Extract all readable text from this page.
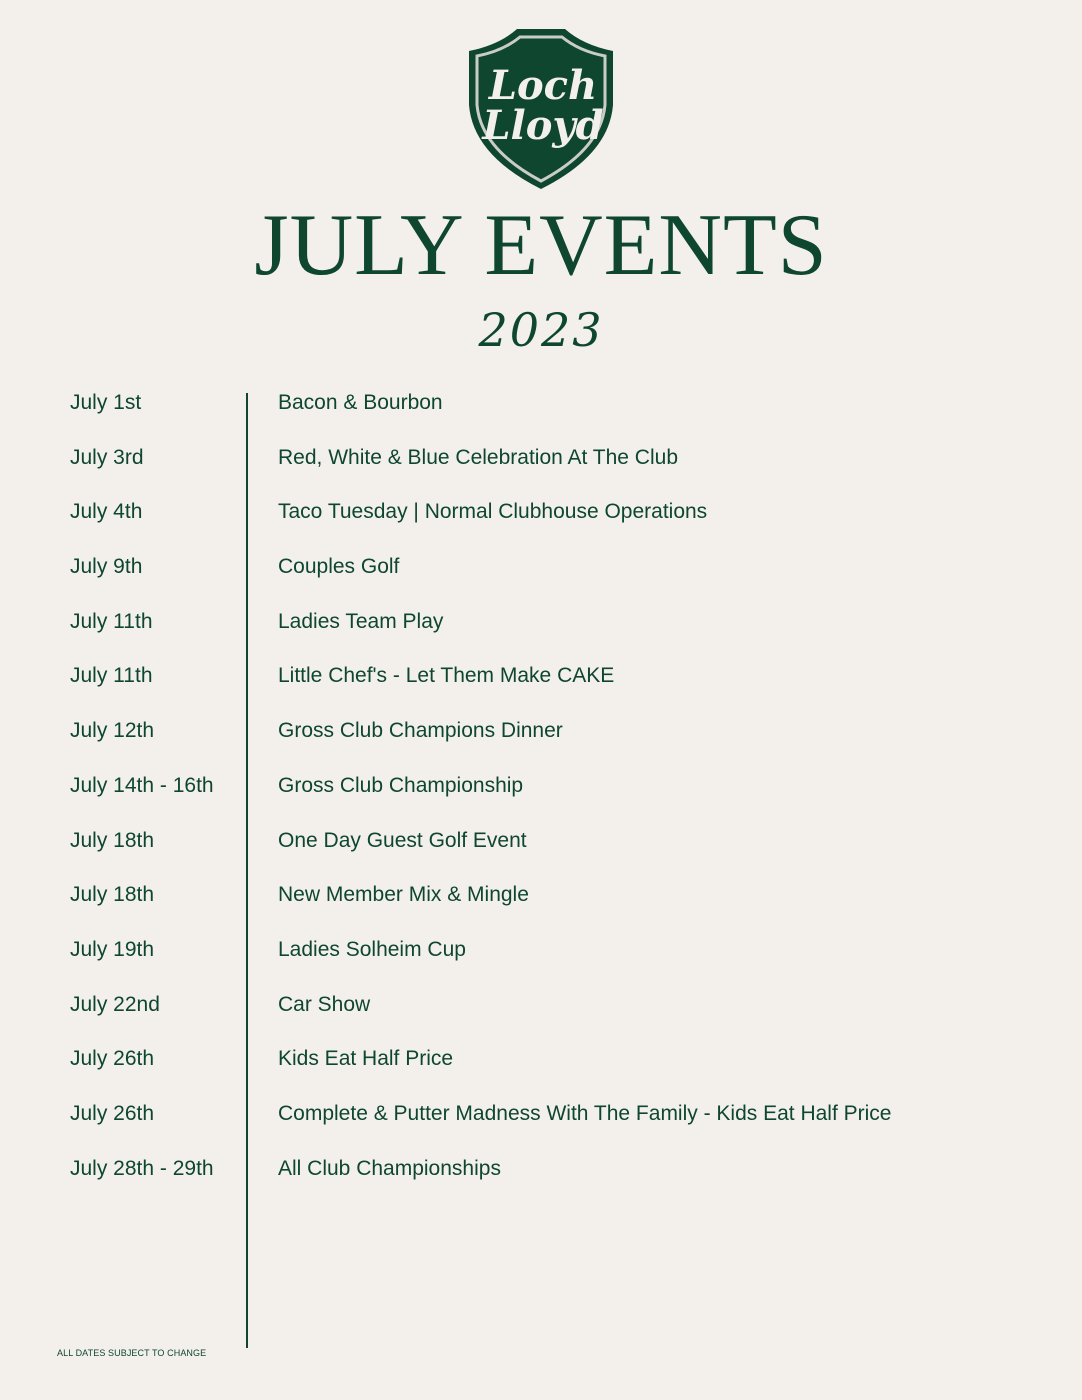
Loch
Lloyd
JULY EVENTS
2023
July 1st	Bacon & Bourbon
July 3rd	Red, White & Blue Celebration At The Club
July 4th	Taco Tuesday | Normal Clubhouse Operations
July 9th	Couples Golf
July 11th	Ladies Team Play
July 11th	Little Chef's - Let Them Make CAKE
July 12th	Gross Club Champions Dinner
July 14th - 16th	Gross Club Championship
July 18th	One Day Guest Golf Event
July 18th	New Member Mix & Mingle
July 19th	Ladies Solheim Cup
July 22nd	Car Show
July 26th	Kids Eat Half Price
July 26th	Complete & Putter Madness With The Family - Kids Eat Half Price
July 28th - 29th	All Club Championships
ALL DATES SUBJECT TO CHANGE
